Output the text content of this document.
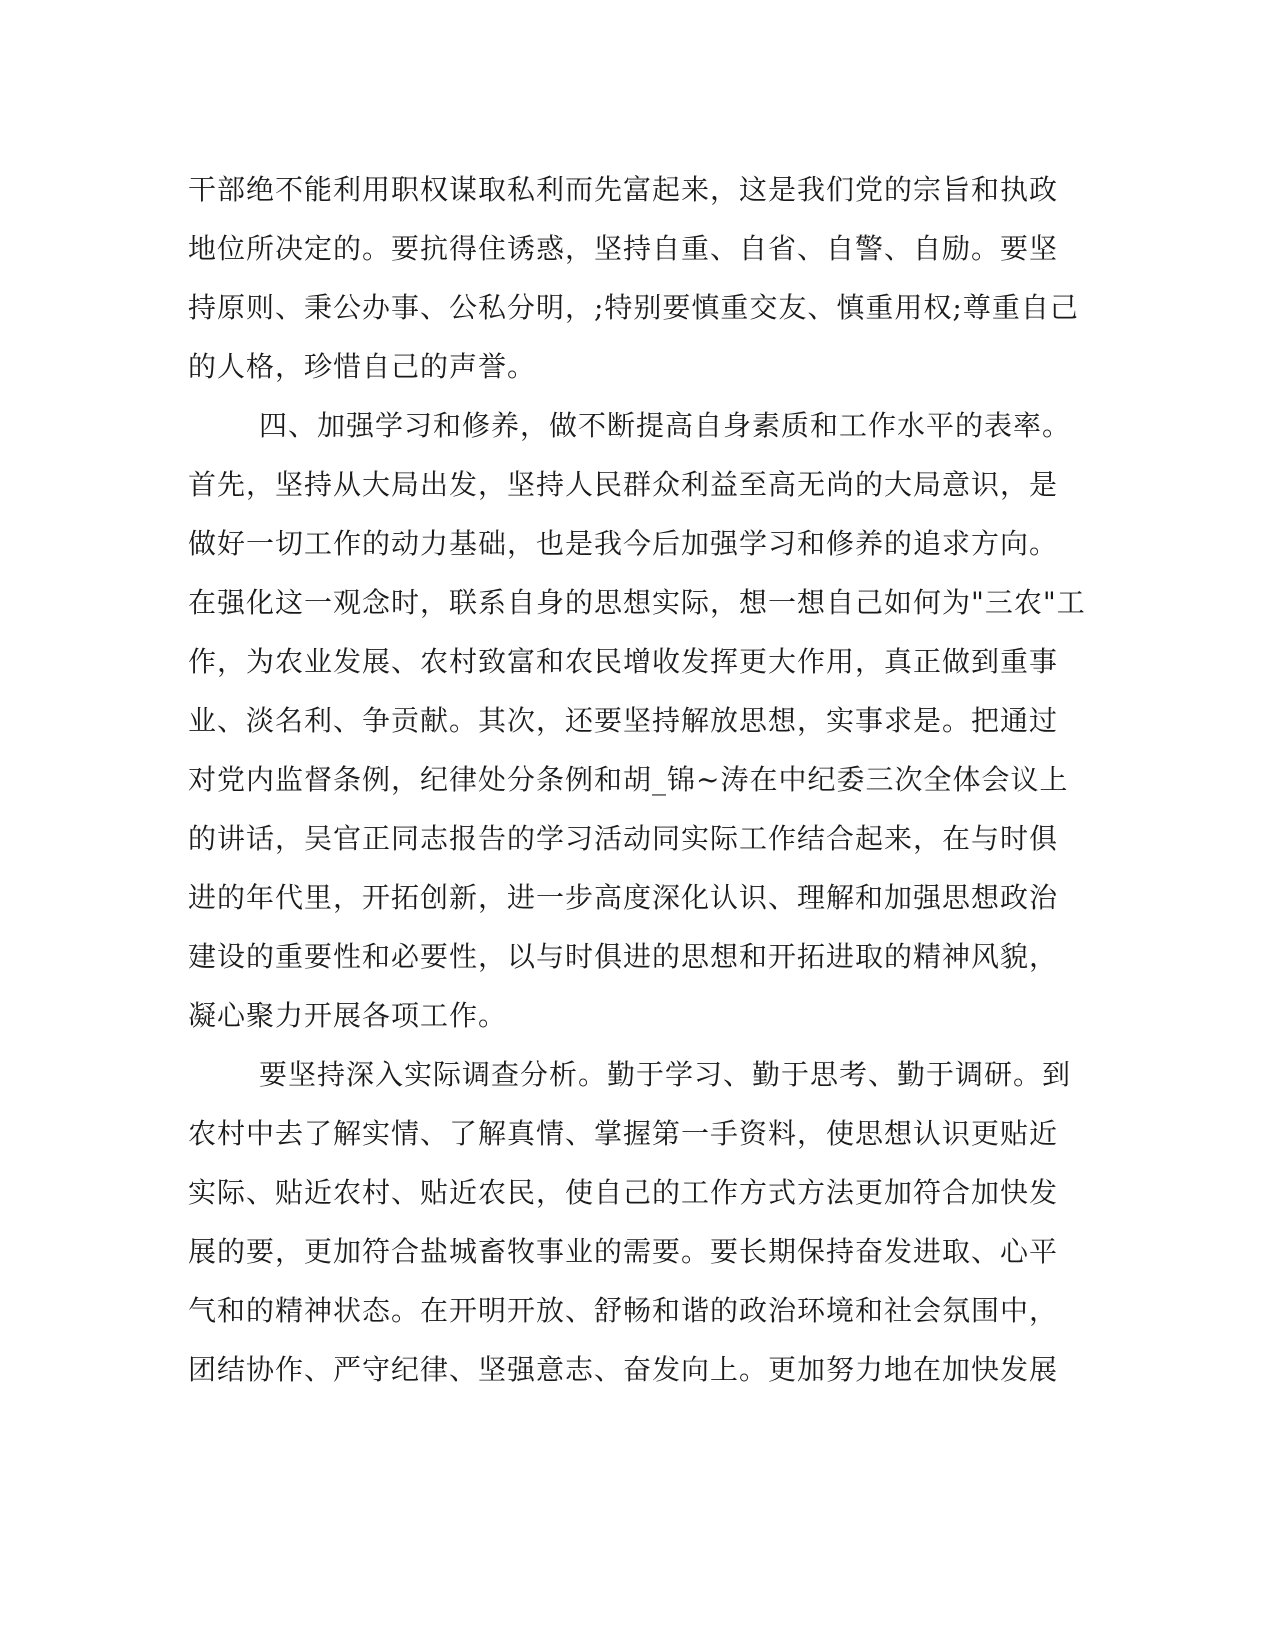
干部绝不能利用职权谋取私利而先富起来，这是我们党的宗旨和执政
地位所决定的。要抗得住诱惑，坚持自重、自省、自警、自励。要坚
持原则、秉公办事、公私分明，;特别要慎重交友、慎重用权;尊重自己
的人格，珍惜自己的声誉。
四、加强学习和修养，做不断提高自身素质和工作水平的表率。
首先，坚持从大局出发，坚持人民群众利益至高无尚的大局意识，是
做好一切工作的动力基础，也是我今后加强学习和修养的追求方向。
在强化这一观念时，联系自身的思想实际，想一想自己如何为"三农"工
作，为农业发展、农村致富和农民增收发挥更大作用，真正做到重事
业、淡名利、争贡献。其次，还要坚持解放思想，实事求是。把通过
对党内监督条例，纪律处分条例和胡_锦~涛在中纪委三次全体会议上
的讲话，吴官正同志报告的学习活动同实际工作结合起来，在与时俱
进的年代里，开拓创新，进一步高度深化认识、理解和加强思想政治
建设的重要性和必要性，以与时俱进的思想和开拓进取的精神风貌，
凝心聚力开展各项工作。
要坚持深入实际调查分析。勤于学习、勤于思考、勤于调研。到
农村中去了解实情、了解真情、掌握第一手资料，使思想认识更贴近
实际、贴近农村、贴近农民，使自己的工作方式方法更加符合加快发
展的要，更加符合盐城畜牧事业的需要。要长期保持奋发进取、心平
气和的精神状态。在开明开放、舒畅和谐的政治环境和社会氛围中，
团结协作、严守纪律、坚强意志、奋发向上。更加努力地在加快发展
